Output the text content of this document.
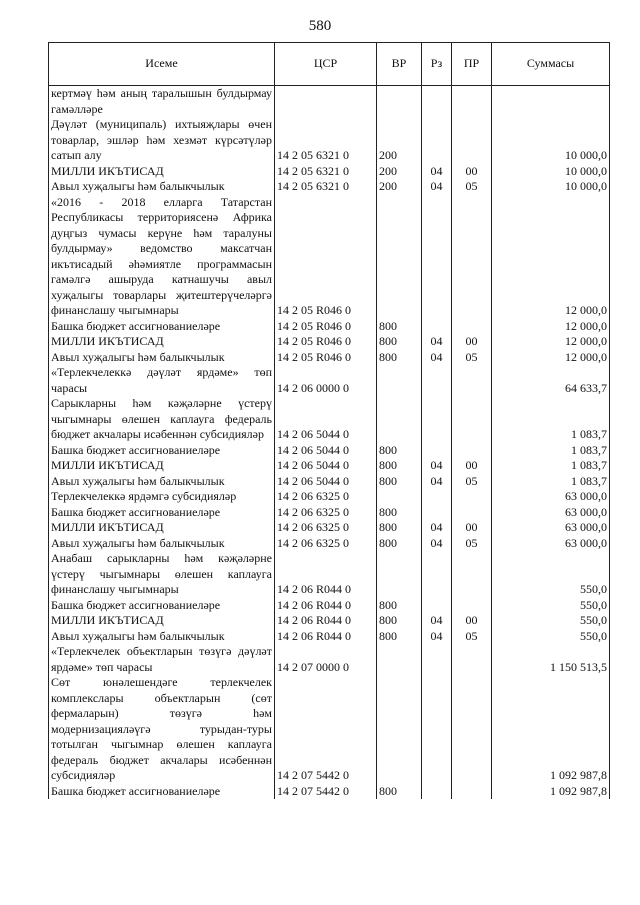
580
Исеме	ЦСР	ВР	Рз	ПР	Суммасы
кертмәү һәм аның таралышын булдырмау гамәлләре					
Дәүләт (муниципаль) ихтыяҗлары өчен товарлар, эшләр һәм хезмәт күрсәтүләр сатып алу	14 2 05 6321 0	200			10 000,0
МИЛЛИ ИКЪТИСАД	14 2 05 6321 0	200	04	00	10 000,0
Авыл хуҗалыгы һәм балыкчылык	14 2 05 6321 0	200	04	05	10 000,0
«2016 - 2018 елларга Татарстан Республикасы территориясенә Африка дуңгыз чумасы керүне һәм таралуны булдырмау» ведомство максатчан икътисадый әһәмиятле программасын гамәлгә ашыруда катнашучы авыл хуҗалыгы товарлары җитештерүчеләргә финанслашу чыгымнары	14 2 05 R046 0				12 000,0
Башка бюджет ассигнованиеләре	14 2 05 R046 0	800			12 000,0
МИЛЛИ ИКЪТИСАД	14 2 05 R046 0	800	04	00	12 000,0
Авыл хуҗалыгы һәм балыкчылык	14 2 05 R046 0	800	04	05	12 000,0
«Терлекчелеккә дәүләт ярдәме» төп чарасы	14 2 06 0000 0				64 633,7
Сарыкларны һәм кәҗәләрне үстерү чыгымнары өлешен каплауга федераль бюджет акчалары исәбеннән субсидияләр	14 2 06 5044 0				1 083,7
Башка бюджет ассигнованиеләре	14 2 06 5044 0	800			1 083,7
МИЛЛИ ИКЪТИСАД	14 2 06 5044 0	800	04	00	1 083,7
Авыл хуҗалыгы һәм балыкчылык	14 2 06 5044 0	800	04	05	1 083,7
Терлекчелеккә ярдәмгә субсидияләр	14 2 06 6325 0				63 000,0
Башка бюджет ассигнованиеләре	14 2 06 6325 0	800			63 000,0
МИЛЛИ ИКЪТИСАД	14 2 06 6325 0	800	04	00	63 000,0
Авыл хуҗалыгы һәм балыкчылык	14 2 06 6325 0	800	04	05	63 000,0
Анабаш сарыкларны һәм кәҗәләрне үстерү чыгымнары өлешен каплауга финанслашу чыгымнары	14 2 06 R044 0				550,0
Башка бюджет ассигнованиеләре	14 2 06 R044 0	800			550,0
МИЛЛИ ИКЪТИСАД	14 2 06 R044 0	800	04	00	550,0
Авыл хуҗалыгы һәм балыкчылык	14 2 06 R044 0	800	04	05	550,0
«Терлекчелек объектларын төзүгә дәүләт ярдәме» төп чарасы	14 2 07 0000 0				1 150 513,5
Сөт юнәлешендәге терлекчелек комплекслары объектларын (сөт фермаларын) төзүгә һәм модернизацияләүгә турыдан-туры тотылган чыгымнар өлешен каплауга федераль бюджет акчалары исәбеннән субсидияләр	14 2 07 5442 0				1 092 987,8
Башка бюджет ассигнованиеләре	14 2 07 5442 0	800			1 092 987,8
